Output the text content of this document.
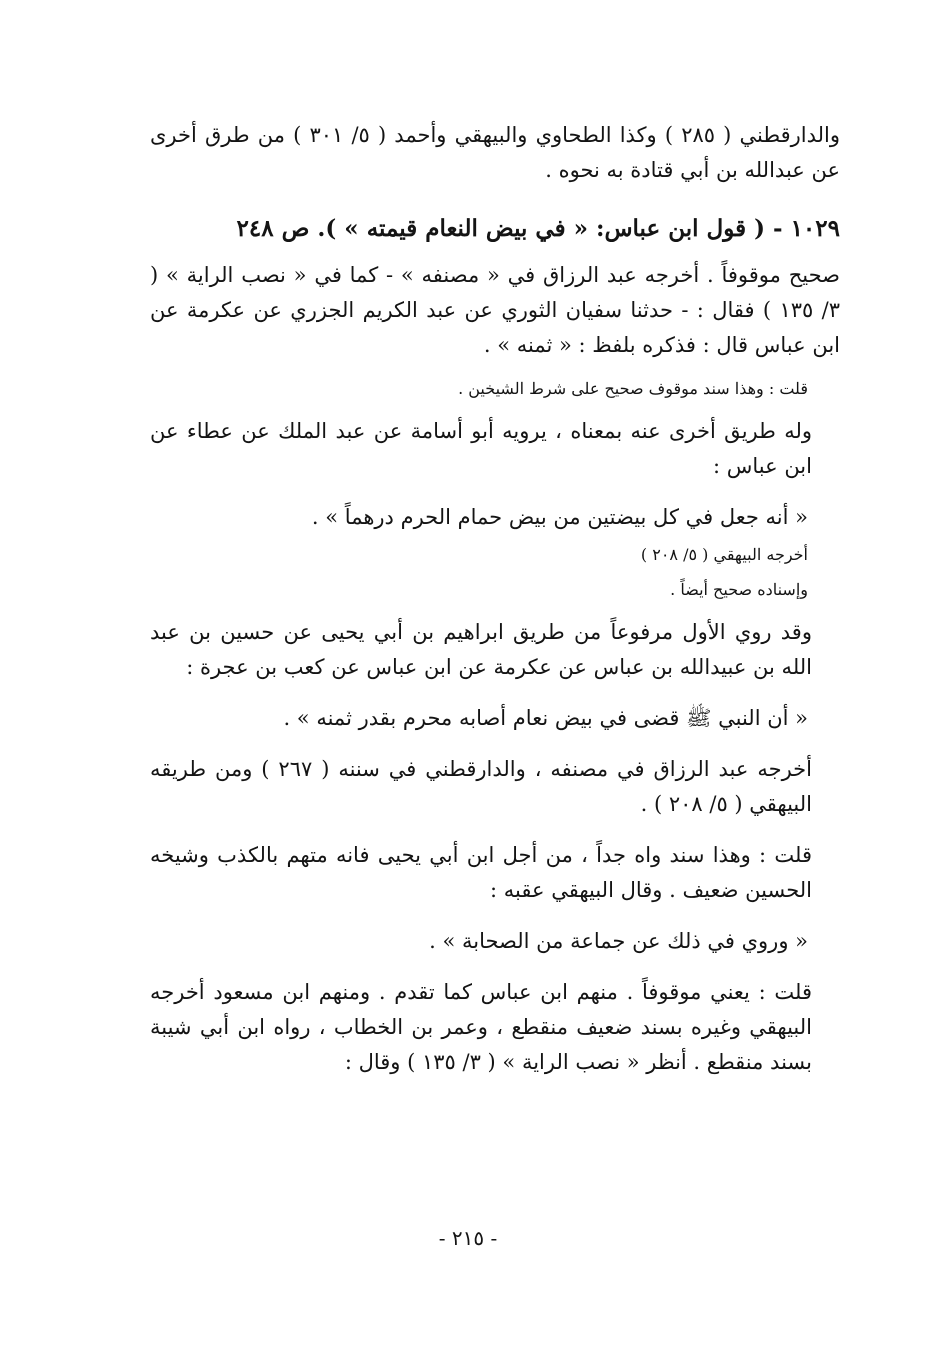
والدارقطني ( ٢٨٥ ) وكذا الطحاوي والبيهقي وأحمد ( ٥/ ٣٠١ ) من طرق أخرى عن عبدالله بن أبي قتادة به نحوه .

١٠٢٩ - ( قول ابن عباس: « في بيض النعام قيمته » ). ص ٢٤٨

صحيح موقوفاً . أخرجه عبد الرزاق في « مصنفه » - كما في « نصب الراية » ( ٣/ ١٣٥ ) فقال : - حدثنا سفيان الثوري عن عبد الكريم الجزري عن عكرمة عن ابن عباس قال : فذكره بلفظ : « ثمنه » .

قلت : وهذا سند موقوف صحيح على شرط الشيخين .

وله طريق أخرى عنه بمعناه ، يرويه أبو أسامة عن عبد الملك عن عطاء عن ابن عباس :

« أنه جعل في كل بيضتين من بيض حمام الحرم درهماً » .

أخرجه البيهقي ( ٥/ ٢٠٨ )

وإسناده صحيح أيضاً .

وقد روي الأول مرفوعاً من طريق ابراهيم بن أبي يحيى عن حسين بن عبد الله بن عبيدالله بن عباس عن عكرمة عن ابن عباس عن كعب بن عجرة :

« أن النبي ﷺ قضى في بيض نعام أصابه محرم بقدر ثمنه » .

أخرجه عبد الرزاق في مصنفه ، والدارقطني في سننه ( ٢٦٧ ) ومن طريقه البيهقي ( ٥/ ٢٠٨ ) .

قلت : وهذا سند واه جداً ، من أجل ابن أبي يحيى فانه متهم بالكذب وشيخه الحسين ضعيف . وقال البيهقي عقبه :

« وروي في ذلك عن جماعة من الصحابة » .

قلت : يعني موقوفاً . منهم ابن عباس كما تقدم . ومنهم ابن مسعود أخرجه البيهقي وغيره بسند ضعيف منقطع ، وعمر بن الخطاب ، رواه ابن أبي شيبة بسند منقطع . أنظر « نصب الراية » ( ٣/ ١٣٥ ) وقال :

- ٢١٥ -
